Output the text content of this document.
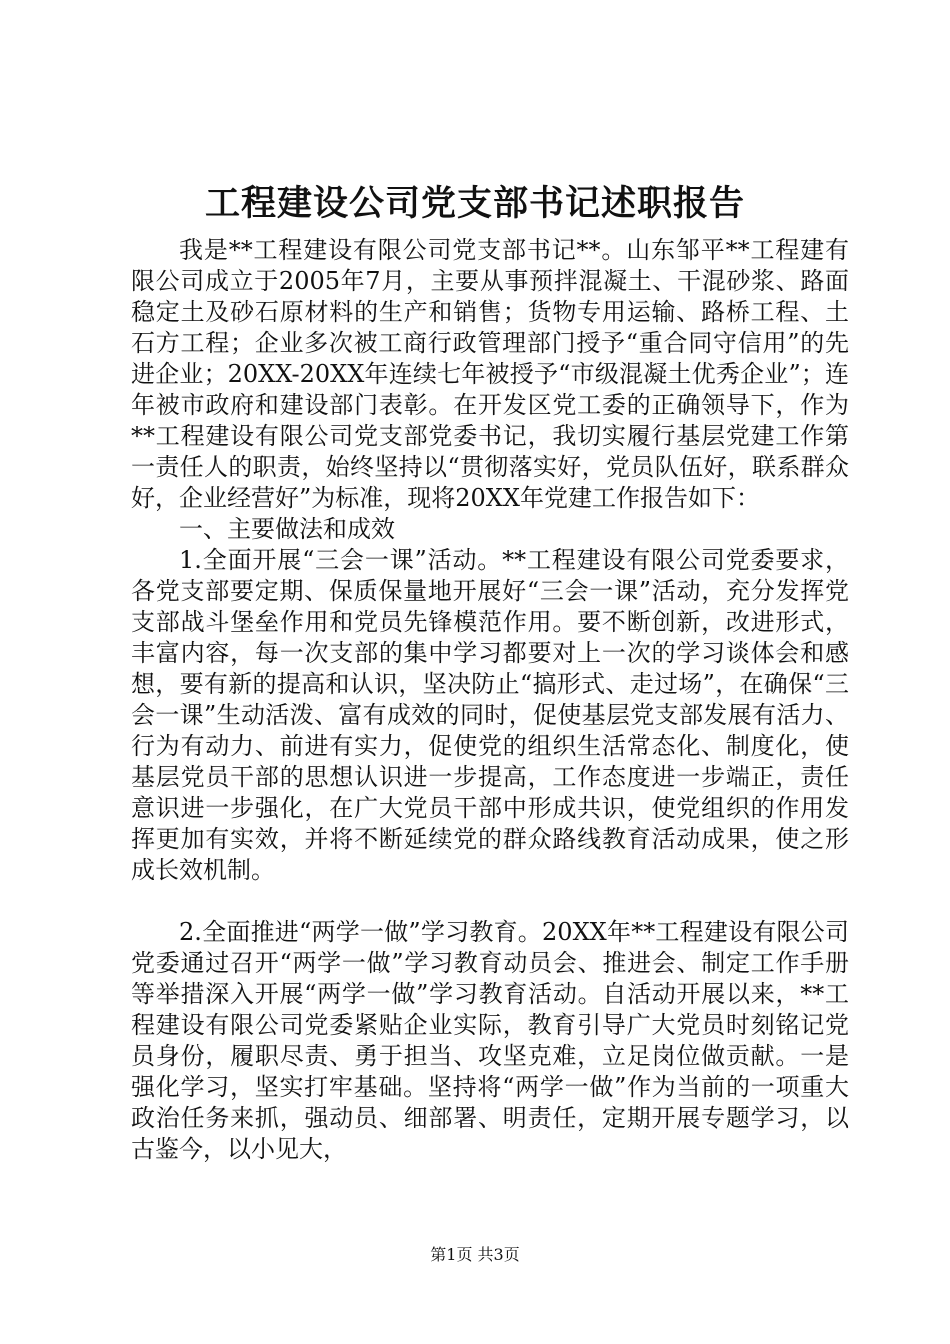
工程建设公司党支部书记述职报告

我是**工程建设有限公司党支部书记**。山东邹平**工程建有限公司成立于2005年7月，主要从事预拌混凝土、干混砂浆、路面稳定土及砂石原材料的生产和销售；货物专用运输、路桥工程、土石方工程；企业多次被工商行政管理部门授予“重合同守信用”的先进企业；20XX-20XX年连续七年被授予“市级混凝土优秀企业”；连年被市政府和建设部门表彰。在开发区党工委的正确领导下，作为**工程建设有限公司党支部党委书记，我切实履行基层党建工作第一责任人的职责，始终坚持以“贯彻落实好，党员队伍好，联系群众好，企业经营好”为标准，现将20XX年党建工作报告如下：

一、主要做法和成效

1.全面开展“三会一课”活动。**工程建设有限公司党委要求，各党支部要定期、保质保量地开展好“三会一课”活动，充分发挥党支部战斗堡垒作用和党员先锋模范作用。要不断创新，改进形式，丰富内容，每一次支部的集中学习都要对上一次的学习谈体会和感想，要有新的提高和认识，坚决防止“搞形式、走过场”，在确保“三会一课”生动活泼、富有成效的同时，促使基层党支部发展有活力、行为有动力、前进有实力，促使党的组织生活常态化、制度化，使基层党员干部的思想认识进一步提高，工作态度进一步端正，责任意识进一步强化，在广大党员干部中形成共识，使党组织的作用发挥更加有实效，并将不断延续党的群众路线教育活动成果，使之形成长效机制。

2.全面推进“两学一做”学习教育。20XX年**工程建设有限公司党委通过召开“两学一做”学习教育动员会、推进会、制定工作手册等举措深入开展“两学一做”学习教育活动。自活动开展以来，**工程建设有限公司党委紧贴企业实际，教育引导广大党员时刻铭记党员身份，履职尽责、勇于担当、攻坚克难，立足岗位做贡献。一是强化学习，坚实打牢基础。坚持将“两学一做”作为当前的一项重大政治任务来抓，强动员、细部署、明责任，定期开展专题学习，以古鉴今，以小见大，

第1页 共3页
